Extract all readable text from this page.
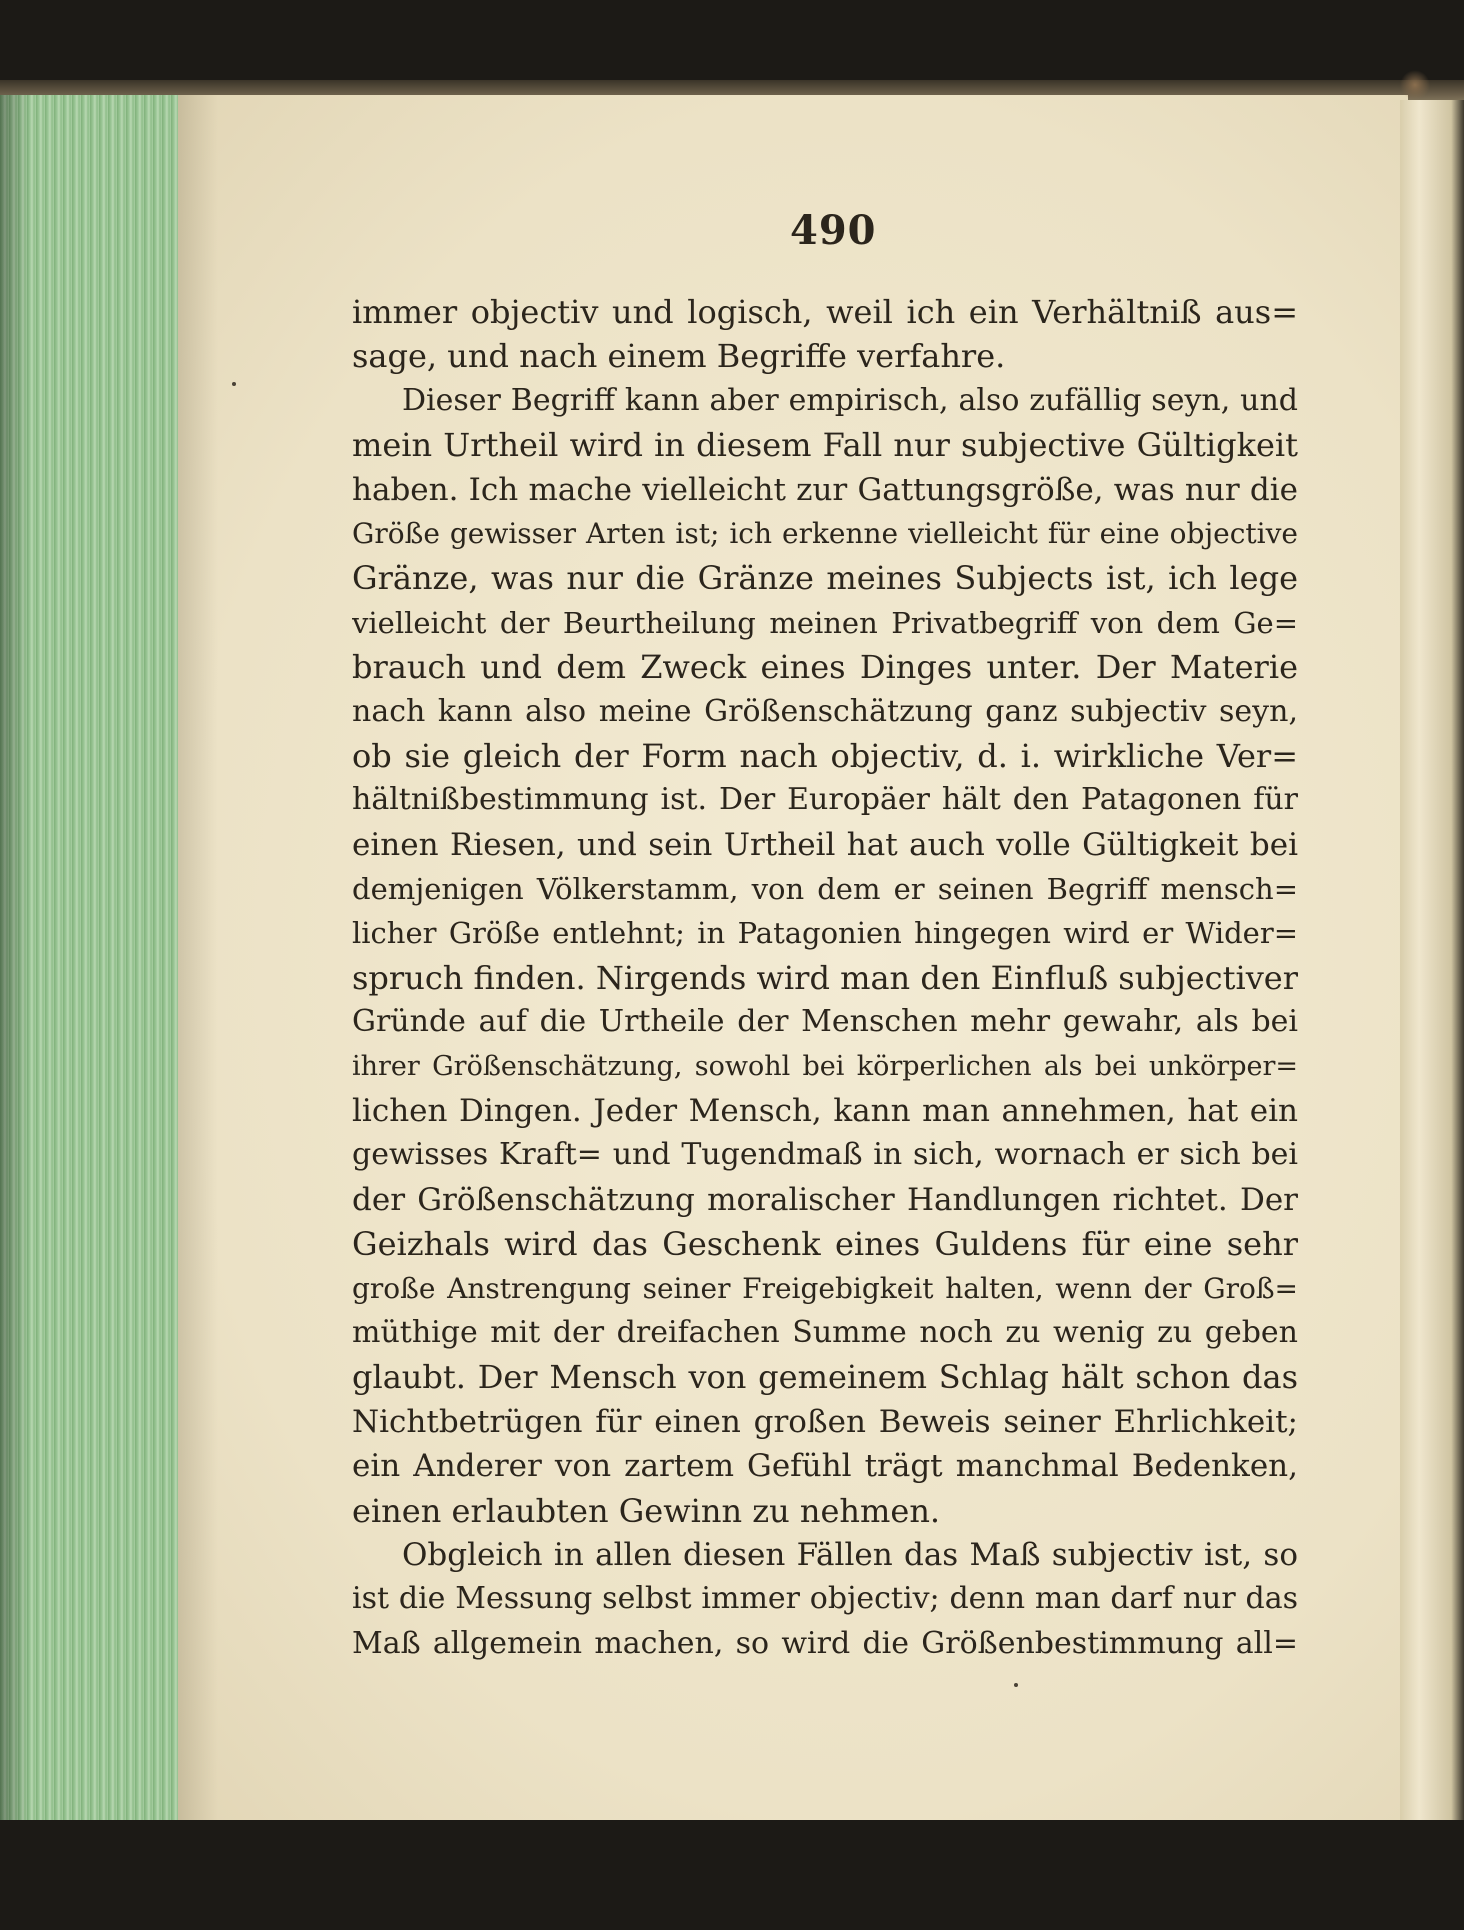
490
immer objectiv und logisch, weil ich ein Verhältniß aus=
sage, und nach einem Begriffe verfahre.
Dieser Begriff kann aber empirisch, also zufällig seyn, und
mein Urtheil wird in diesem Fall nur subjective Gültigkeit
haben. Ich mache vielleicht zur Gattungsgröße, was nur die
Größe gewisser Arten ist; ich erkenne vielleicht für eine objective
Gränze, was nur die Gränze meines Subjects ist, ich lege
vielleicht der Beurtheilung meinen Privatbegriff von dem Ge=
brauch und dem Zweck eines Dinges unter. Der Materie
nach kann also meine Größenschätzung ganz subjectiv seyn,
ob sie gleich der Form nach objectiv, d. i. wirkliche Ver=
hältnißbestimmung ist. Der Europäer hält den Patagonen für
einen Riesen, und sein Urtheil hat auch volle Gültigkeit bei
demjenigen Völkerstamm, von dem er seinen Begriff mensch=
licher Größe entlehnt; in Patagonien hingegen wird er Wider=
spruch finden. Nirgends wird man den Einfluß subjectiver
Gründe auf die Urtheile der Menschen mehr gewahr, als bei
ihrer Größenschätzung, sowohl bei körperlichen als bei unkörper=
lichen Dingen. Jeder Mensch, kann man annehmen, hat ein
gewisses Kraft= und Tugendmaß in sich, wornach er sich bei
der Größenschätzung moralischer Handlungen richtet. Der
Geizhals wird das Geschenk eines Guldens für eine sehr
große Anstrengung seiner Freigebigkeit halten, wenn der Groß=
müthige mit der dreifachen Summe noch zu wenig zu geben
glaubt. Der Mensch von gemeinem Schlag hält schon das
Nichtbetrügen für einen großen Beweis seiner Ehrlichkeit;
ein Anderer von zartem Gefühl trägt manchmal Bedenken,
einen erlaubten Gewinn zu nehmen.
Obgleich in allen diesen Fällen das Maß subjectiv ist, so
ist die Messung selbst immer objectiv; denn man darf nur das
Maß allgemein machen, so wird die Größenbestimmung all=
